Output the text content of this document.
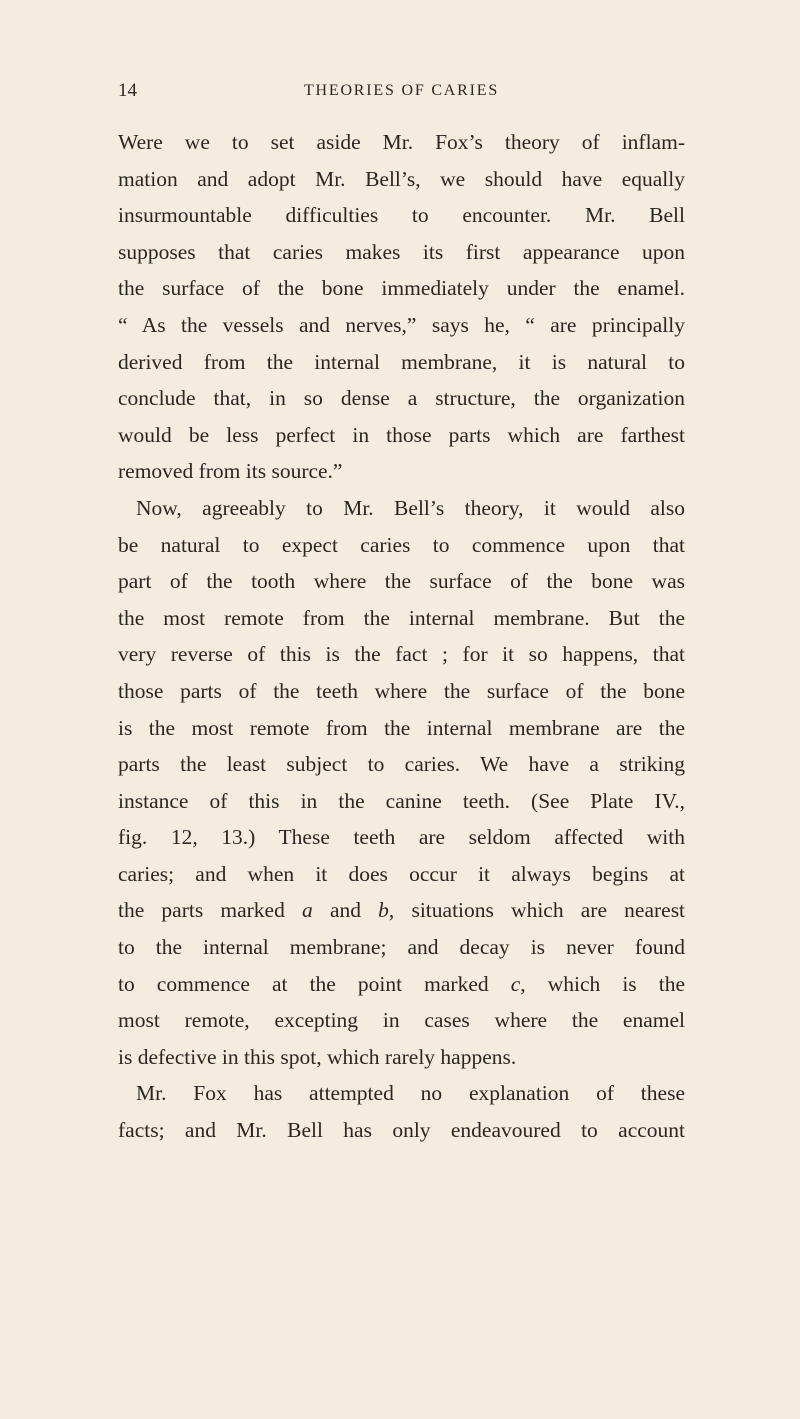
14	THEORIES OF CARIES
Were we to set aside Mr. Fox’s theory of inflam-
mation and adopt Mr. Bell’s, we should have equally
insurmountable difficulties to encounter. Mr. Bell
supposes that caries makes its first appearance upon
the surface of the bone immediately under the enamel.
“ As the vessels and nerves,” says he, “ are principally
derived from the internal membrane, it is natural to
conclude that, in so dense a structure, the organization
would be less perfect in those parts which are farthest
removed from its source.”
Now, agreeably to Mr. Bell’s theory, it would also
be natural to expect caries to commence upon that
part of the tooth where the surface of the bone was
the most remote from the internal membrane. But the
very reverse of this is the fact ; for it so happens, that
those parts of the teeth where the surface of the bone
is the most remote from the internal membrane are the
parts the least subject to caries. We have a striking
instance of this in the canine teeth. (See Plate IV.,
fig. 12, 13.) These teeth are seldom affected with
caries; and when it does occur it always begins at
the parts marked a and b, situations which are nearest
to the internal membrane; and decay is never found
to commence at the point marked c, which is the
most remote, excepting in cases where the enamel
is defective in this spot, which rarely happens.
Mr. Fox has attempted no explanation of these
facts; and Mr. Bell has only endeavoured to account
